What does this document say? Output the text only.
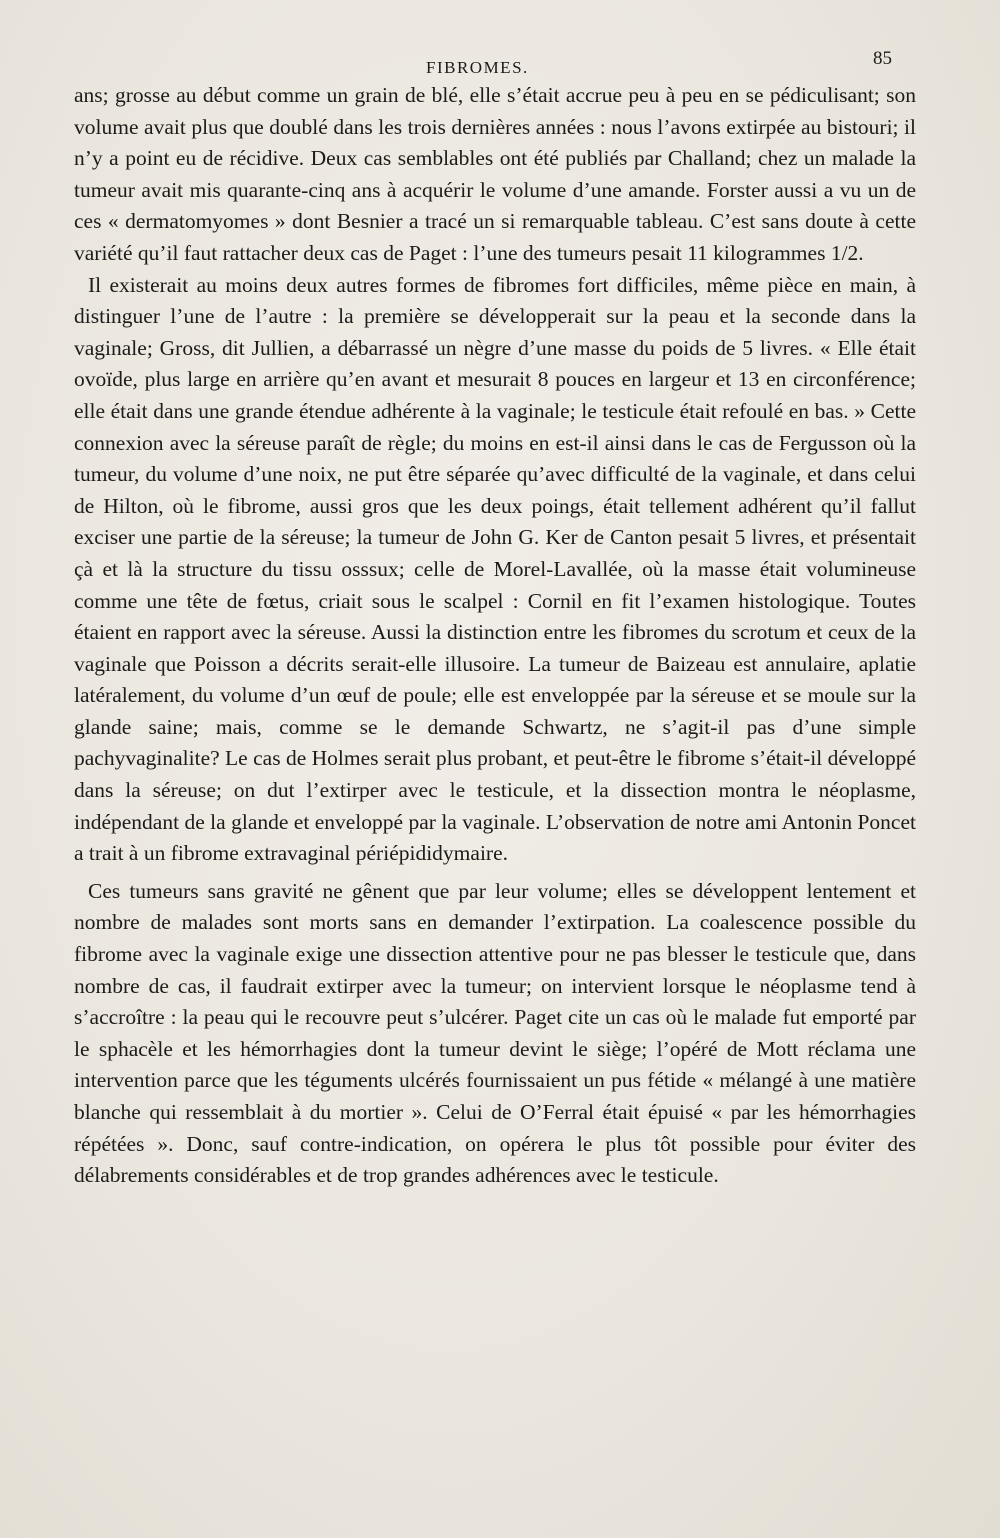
FIBROMES.	85

ans; grosse au début comme un grain de blé, elle s’était accrue peu à peu en se pédiculisant; son volume avait plus que doublé dans les trois dernières années : nous l’avons extirpée au bistouri; il n’y a point eu de récidive. Deux cas semblables ont été publiés par Challand; chez un malade la tumeur avait mis quarante-cinq ans à acquérir le volume d’une amande. Forster aussi a vu un de ces « dermatomyomes » dont Besnier a tracé un si remarquable tableau. C’est sans doute à cette variété qu’il faut rattacher deux cas de Paget : l’une des tumeurs pesait 11 kilogrammes 1/2.

Il existerait au moins deux autres formes de fibromes fort difficiles, même pièce en main, à distinguer l’une de l’autre : la première se développerait sur la peau et la seconde dans la vaginale; Gross, dit Jullien, a débarrassé un nègre d’une masse du poids de 5 livres. « Elle était ovoïde, plus large en arrière qu’en avant et mesurait 8 pouces en largeur et 13 en circonférence; elle était dans une grande étendue adhérente à la vaginale; le testicule était refoulé en bas. » Cette connexion avec la séreuse paraît de règle; du moins en est-il ainsi dans le cas de Fergusson où la tumeur, du volume d’une noix, ne put être séparée qu’avec difficulté de la vaginale, et dans celui de Hilton, où le fibrome, aussi gros que les deux poings, était tellement adhérent qu’il fallut exciser une partie de la séreuse; la tumeur de John G. Ker de Canton pesait 5 livres, et présentait çà et là la structure du tissu osssux; celle de Morel-Lavallée, où la masse était volumineuse comme une tête de fœtus, criait sous le scalpel : Cornil en fit l’examen histologique. Toutes étaient en rapport avec la séreuse. Aussi la distinction entre les fibromes du scrotum et ceux de la vaginale que Poisson a décrits serait-elle illusoire. La tumeur de Baizeau est annulaire, aplatie latéralement, du volume d’un œuf de poule; elle est enveloppée par la séreuse et se moule sur la glande saine; mais, comme se le demande Schwartz, ne s’agit-il pas d’une simple pachyvaginalite? Le cas de Holmes serait plus probant, et peut-être le fibrome s’était-il développé dans la séreuse; on dut l’extirper avec le testicule, et la dissection montra le néoplasme, indépendant de la glande et enveloppé par la vaginale. L’observation de notre ami Antonin Poncet a trait à un fibrome extravaginal périépididymaire.

Ces tumeurs sans gravité ne gênent que par leur volume; elles se développent lentement et nombre de malades sont morts sans en demander l’extirpation. La coalescence possible du fibrome avec la vaginale exige une dissection attentive pour ne pas blesser le testicule que, dans nombre de cas, il faudrait extirper avec la tumeur; on intervient lorsque le néoplasme tend à s’accroître : la peau qui le recouvre peut s’ulcérer. Paget cite un cas où le malade fut emporté par le sphacèle et les hémorrhagies dont la tumeur devint le siège; l’opéré de Mott réclama une intervention parce que les téguments ulcérés fournissaient un pus fétide « mélangé à une matière blanche qui ressemblait à du mortier ». Celui de O’Ferral était épuisé « par les hémorrhagies répétées ». Donc, sauf contre-indication, on opérera le plus tôt possible pour éviter des délabrements considérables et de trop grandes adhérences avec le testicule.
